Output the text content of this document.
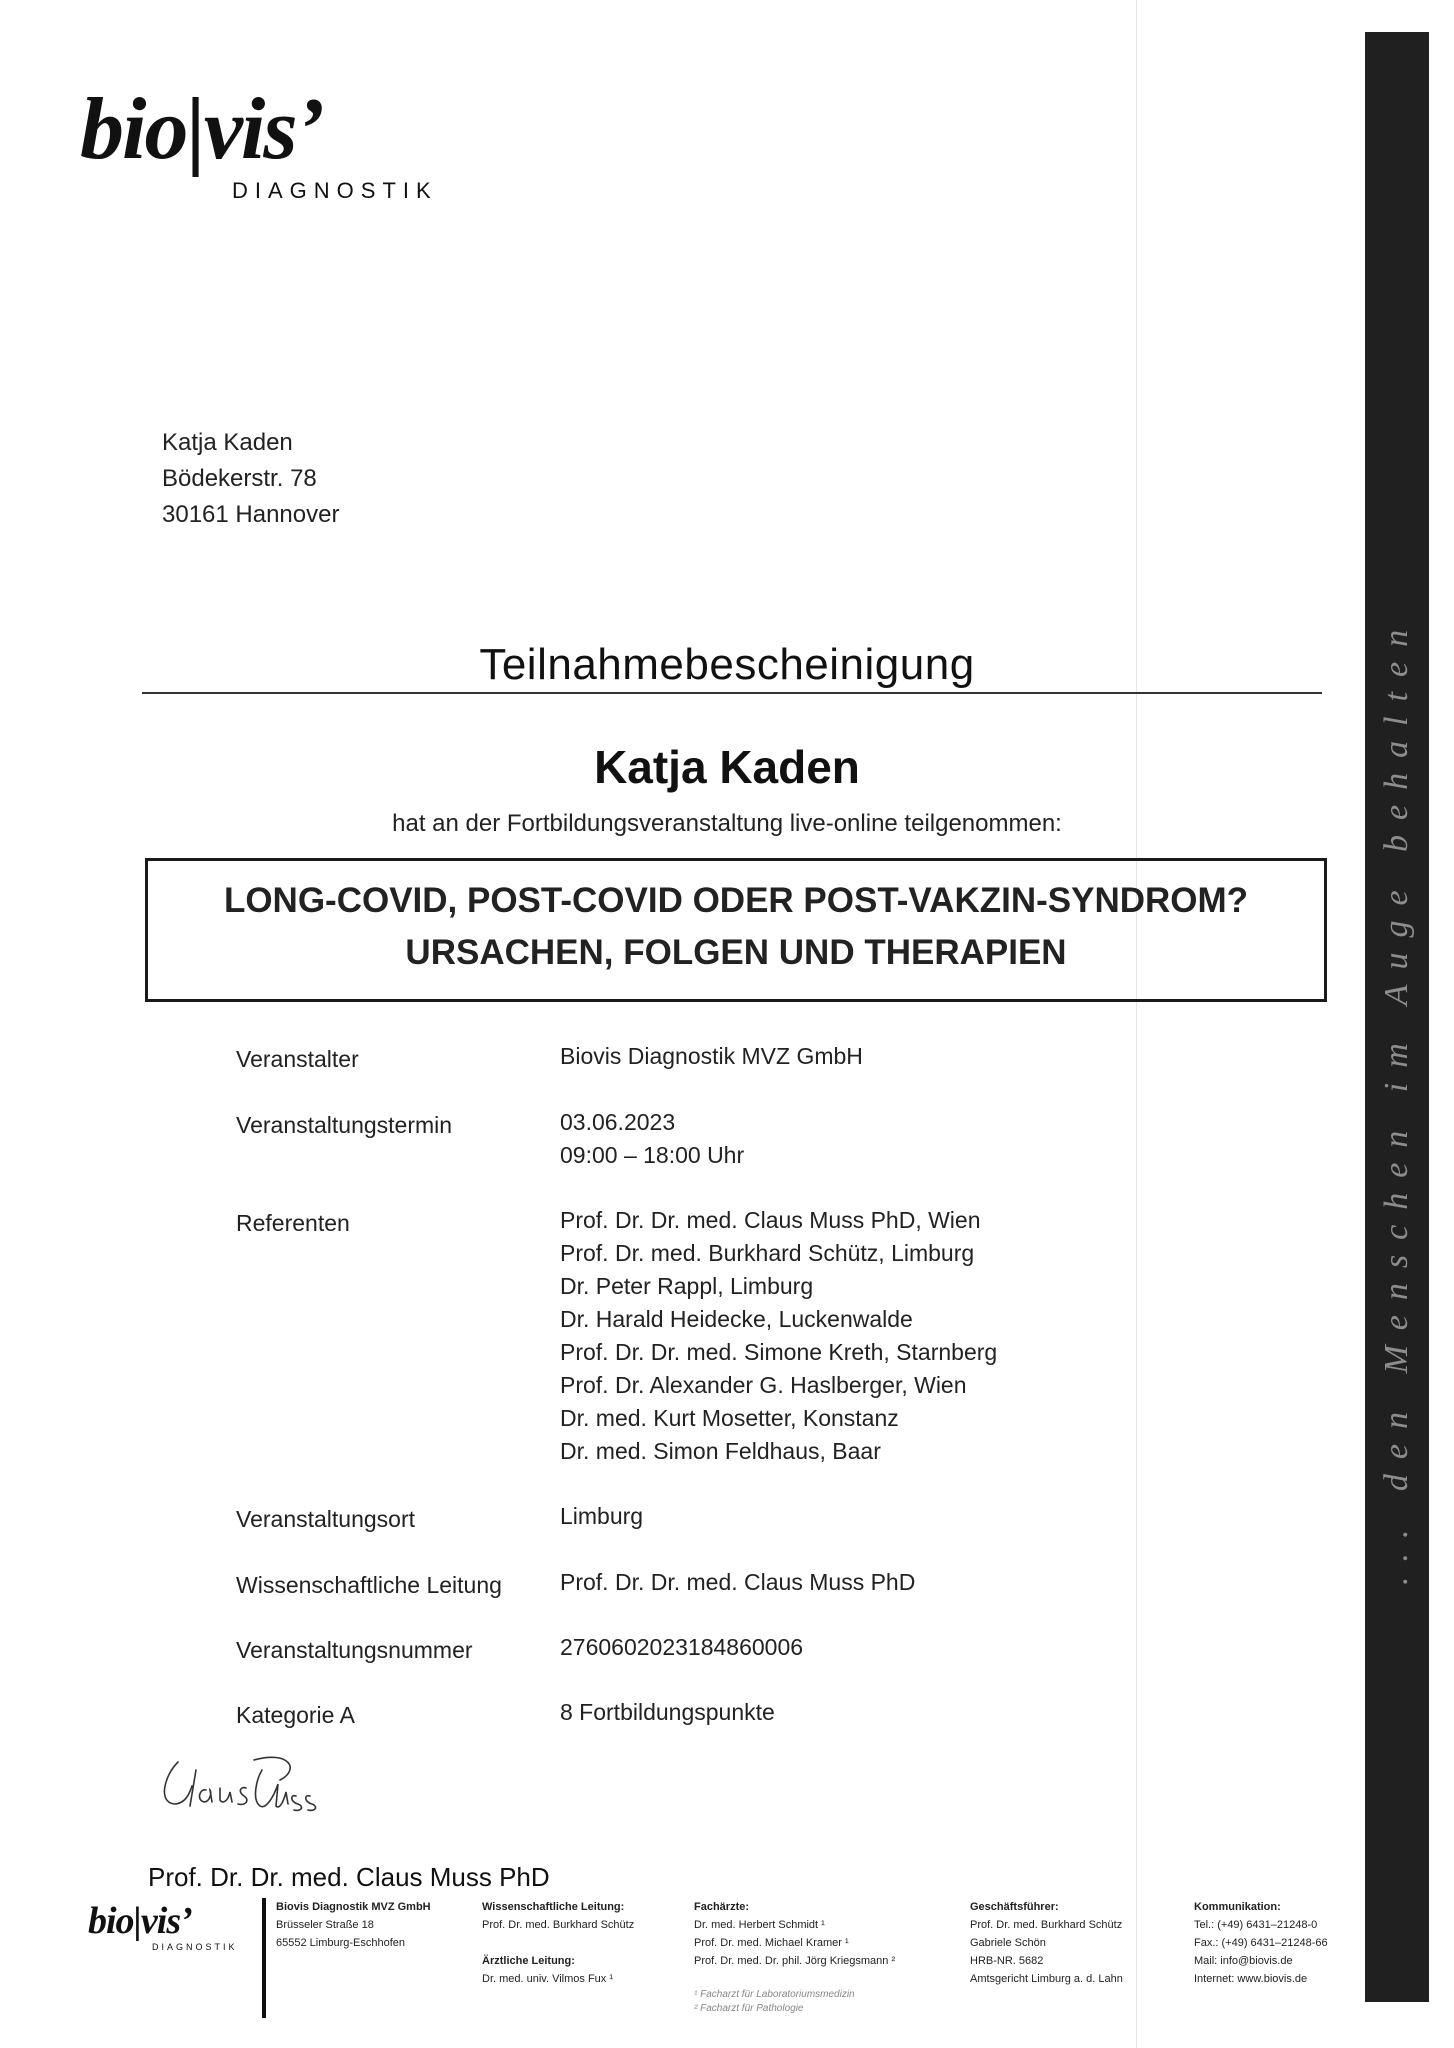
bio|vis’
DIAGNOSTIK
... den Menschen im Auge behalten
Katja Kaden
Bödekerstr. 78
30161 Hannover
Teilnahmebescheinigung
Katja Kaden
hat an der Fortbildungsveranstaltung live-online teilgenommen:
LONG-COVID, POST-COVID ODER POST-VAKZIN-SYNDROM?
URSACHEN, FOLGEN UND THERAPIEN
Veranstalter	Biovis Diagnostik MVZ GmbH
Veranstaltungstermin	03.06.2023
09:00 – 18:00 Uhr
Referenten	Prof. Dr. Dr. med. Claus Muss PhD, Wien
Prof. Dr. med. Burkhard Schütz, Limburg
Dr. Peter Rappl, Limburg
Dr. Harald Heidecke, Luckenwalde
Prof. Dr. Dr. med. Simone Kreth, Starnberg
Prof. Dr. Alexander G. Haslberger, Wien
Dr. med. Kurt Mosetter, Konstanz
Dr. med. Simon Feldhaus, Baar
Veranstaltungsort	Limburg
Wissenschaftliche Leitung	Prof. Dr. Dr. med. Claus Muss PhD
Veranstaltungsnummer	2760602023184860006
Kategorie A	8 Fortbildungspunkte
Prof. Dr. Dr. med. Claus Muss PhD
bio|vis’
DIAGNOSTIK
Biovis Diagnostik MVZ GmbH
Brüsseler Straße 18
65552 Limburg-Eschhofen
Wissenschaftliche Leitung:
Prof. Dr. med. Burkhard Schütz
Ärztliche Leitung:
Dr. med. univ. Vilmos Fux ¹
Fachärzte:
Dr. med. Herbert Schmidt ¹
Prof. Dr. med. Michael Kramer ¹
Prof. Dr. med. Dr. phil. Jörg Kriegsmann ²
¹ Facharzt für Laboratoriumsmedizin
² Facharzt für Pathologie
Geschäftsführer:
Prof. Dr. med. Burkhard Schütz
Gabriele Schön
HRB-NR. 5682
Amtsgericht Limburg a. d. Lahn
Kommunikation:
Tel.: (+49) 6431–21248-0
Fax.: (+49) 6431–21248-66
Mail: info@biovis.de
Internet: www.biovis.de
